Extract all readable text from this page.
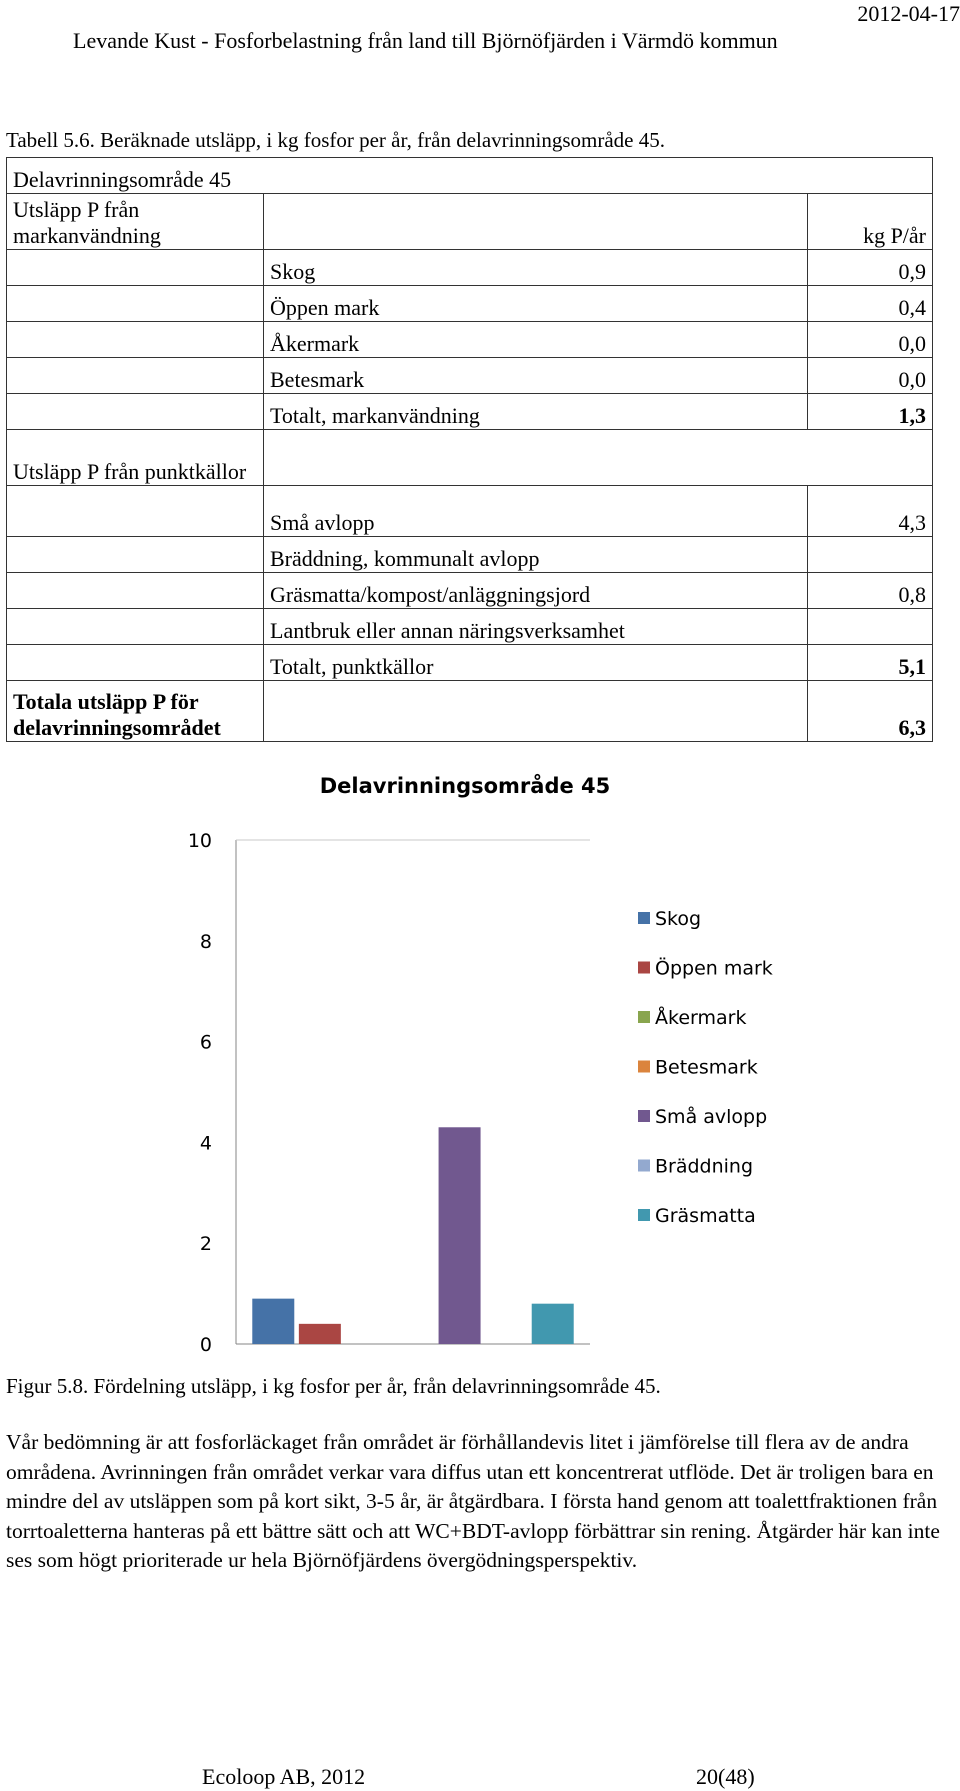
2012-04-17
Levande Kust - Fosforbelastning från land till Björnöfjärden i Värmdö kommun
Tabell 5.6. Beräknade utsläpp, i kg fosfor per år, från delavrinningsområde 45.
Delavrinningsområde 45		
Utsläpp P från markanvändning		kg P/år
	Skog	0,9
	Öppen mark	0,4
	Åkermark	0,0
	Betesmark	0,0
	Totalt, markanvändning	1,3
Utsläpp P från punktkällor		
	Små avlopp	4,3
	Bräddning, kommunalt avlopp	
	Gräsmatta/kompost/anläggningsjord	0,8
	Lantbruk eller annan näringsverksamhet	
	Totalt, punktkällor	5,1
Totala utsläpp P för delavrinningsområdet		6,3
Delavrinningsområde 45
0
2
4
6
8
10
Skog
Öppen mark
Åkermark
Betesmark
Små avlopp
Bräddning
Gräsmatta
Figur 5.8. Fördelning utsläpp, i kg fosfor per år, från delavrinningsområde 45.
Vår bedömning är att fosforläckaget från området är förhållandevis litet i jämförelse till flera av de andra områdena. Avrinningen från området verkar vara diffus utan ett koncentrerat utflöde. Det är troligen bara en mindre del av utsläppen som på kort sikt, 3-5 år, är åtgärdbara. I första hand genom att toalettfraktionen från torrtoaletterna hanteras på ett bättre sätt och att WC+BDT-avlopp förbättrar sin rening. Åtgärder här kan inte ses som högt prioriterade ur hela Björnöfjärdens övergödningsperspektiv.
Ecoloop AB, 2012	20(48)
